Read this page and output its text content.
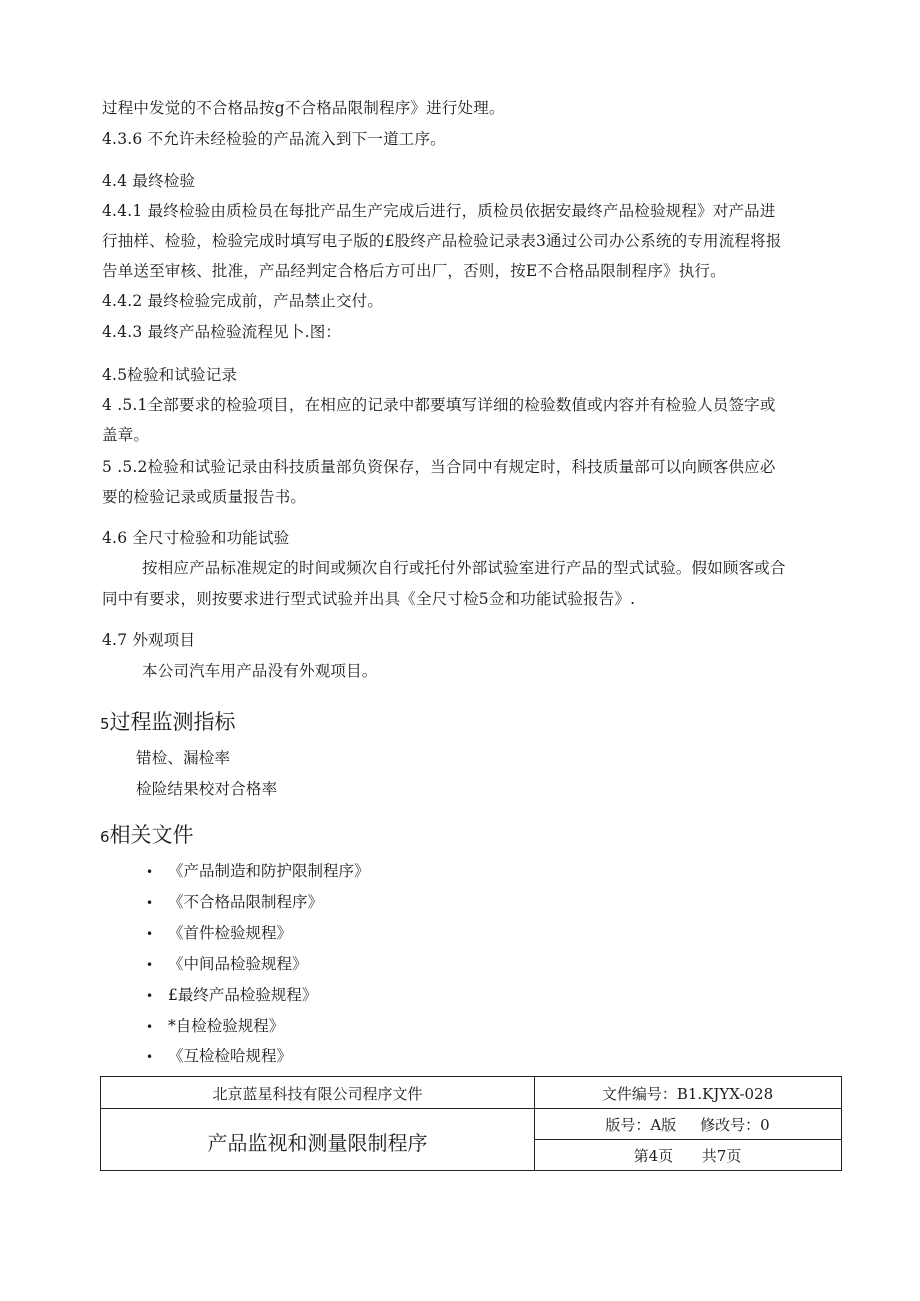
过程中发觉的不合格品按g不合格品限制程序》进行处理。
4.3.6 不允许未经检验的产品流入到下一道工序。
4.4 最终检验
4.4.1 最终检验由质检员在每批产品生产完成后进行，质检员依据安最终产品检验规程》对产品进
行抽样、检验，检验完成时填写电子版的£股终产品检验记录表3通过公司办公系统的专用流程将报
告单送至审核、批准，产品经判定合格后方可出厂，否则，按E不合格品限制程序》执行。
4.4.2 最终检验完成前，产品禁止交付。
4.4.3 最终产品检验流程见卜.图：
4.5检验和试验记录
4 .5.1全部要求的检验项目，在相应的记录中都要填写详细的检验数值或内容并有检验人员签字或
盖章。
5 .5.2检验和试验记录由科技质量部负资保存，当合同中有规定时，科技质量部可以向顾客供应必
要的检验记录或质量报告书。
4.6 全尺寸检验和功能试验
按相应产品标准规定的时间或频次自行或托付外部试验室进行产品的型式试验。假如顾客或合
同中有要求，则按要求进行型式试验并出具《全尺寸检5佥和功能试验报告》.
4.7 外观项目
本公司汽车用产品没有外观项目。
5过程监测指标
错检、漏检率
检险结果校对合格率
6相关文件
• 《产品制造和防护限制程序》
• 《不合格品限制程序》
• 《首件检验规程》
• 《中间品检验规程》
• £最终产品检验规程》
• *自检检验规程》
• 《互检检哈规程》
北京蓝星科技有限公司程序文件
产品监视和测量限制程序
文件编号：B1.KJYX-028
版号：A版     修改号：0
第4页      共7页
